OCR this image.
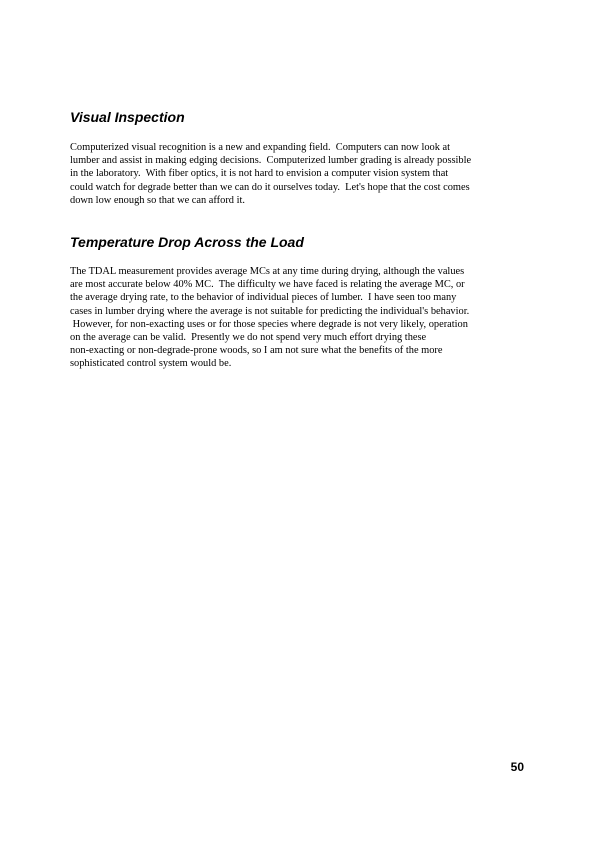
Visual Inspection
Computerized visual recognition is a new and expanding field.  Computers can now look at
lumber and assist in making edging decisions.  Computerized lumber grading is already possible
in the laboratory.  With fiber optics, it is not hard to envision a computer vision system that
could watch for degrade better than we can do it ourselves today.  Let's hope that the cost comes
down low enough so that we can afford it.
Temperature Drop Across the Load
The TDAL measurement provides average MCs at any time during drying, although the values
are most accurate below 40% MC.  The difficulty we have faced is relating the average MC, or
the average drying rate, to the behavior of individual pieces of lumber.  I have seen too many
cases in lumber drying where the average is not suitable for predicting the individual's behavior.
However, for non-exacting uses or for those species where degrade is not very likely, operation
on the average can be valid.  Presently we do not spend very much effort drying these
non-exacting or non-degrade-prone woods, so I am not sure what the benefits of the more
sophisticated control system would be.
50
